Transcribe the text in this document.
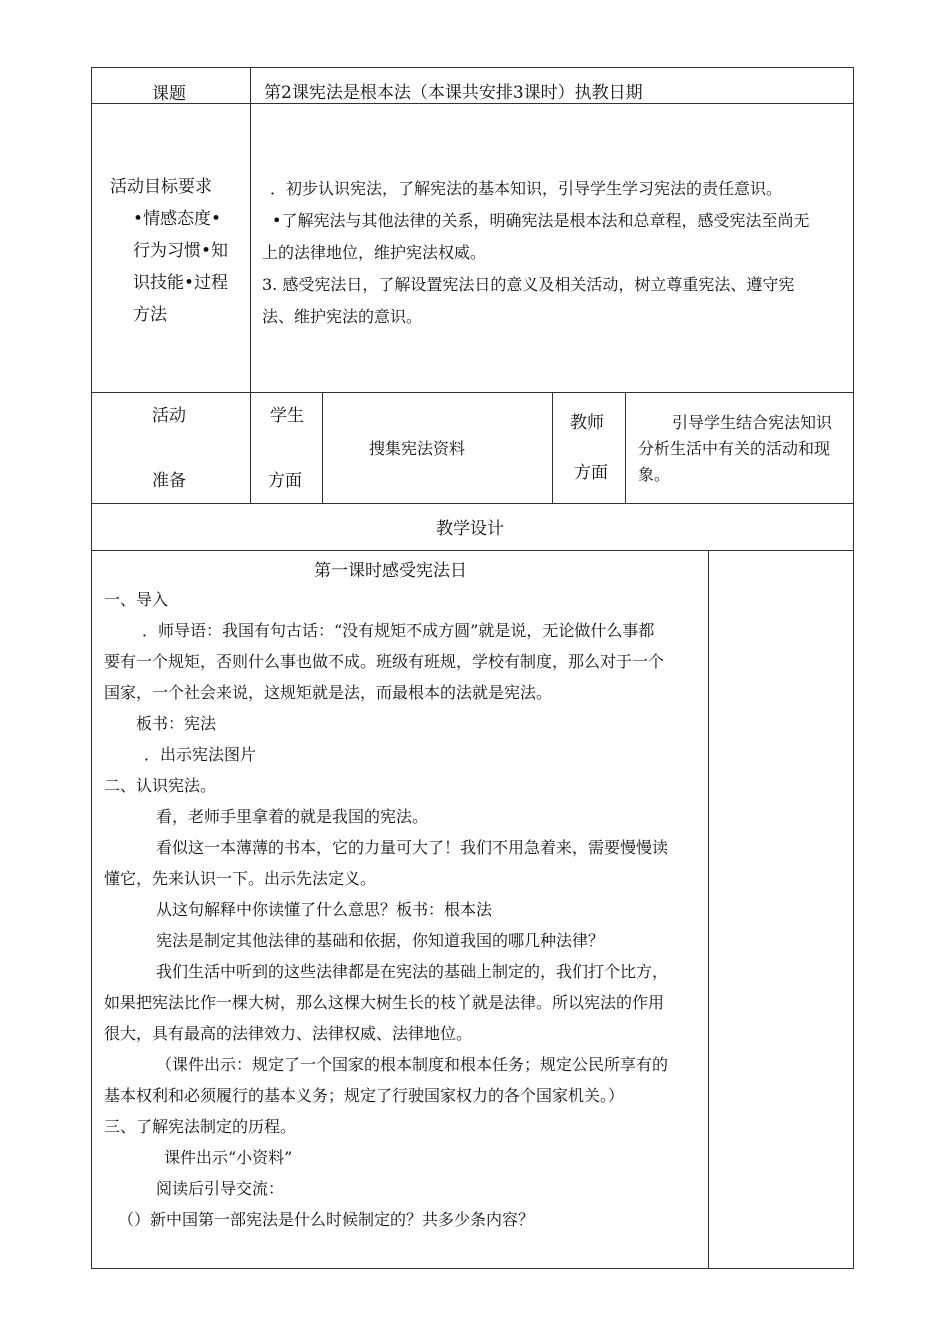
课题	第2课宪法是根本法（本课共安排3课时）执教日期
活动目标要求
•情感态度•
行为习惯•知
识技能•过程
方法

．初步认识宪法，了解宪法的基本知识，引导学生学习宪法的责任意识。

•了解宪法与其他法律的关系，明确宪法是根本法和总章程，感受宪法至尚无

上的法律地位，维护宪法权威。

3. 感受宪法日，了解设置宪法日的意义及相关活动，树立尊重宪法、遵守宪

法、维护宪法的意识。

活动
准备
学生
方面
搜集宪法资料
教师
方面

引导学生结合宪法知识

分析生活中有关的活动和现

象。

教学设计
第一课时感受宪法日

一、导入

．师导语：我国有句古话：“没有规矩不成方圆”就是说，无论做什么事都

要有一个规矩，否则什么事也做不成。班级有班规，学校有制度，那么对于一个

国家，一个社会来说，这规矩就是法，而最根本的法就是宪法。

板书：宪法

．出示宪法图片

二、认识宪法。

看，老师手里拿着的就是我国的宪法。

看似这一本薄薄的书本，它的力量可大了！我们不用急着来，需要慢慢读

懂它，先来认识一下。出示先法定义。

从这句解释中你读懂了什么意思？板书：根本法

宪法是制定其他法律的基础和依据，你知道我国的哪几种法律？

我们生活中听到的这些法律都是在宪法的基础上制定的，我们打个比方，

如果把宪法比作一棵大树，那么这棵大树生长的枝丫就是法律。所以宪法的作用

很大，具有最高的法律效力、法律权威、法律地位。

（课件出示：规定了一个国家的根本制度和根本任务；规定公民所享有的

基本权利和必须履行的基本义务；规定了行驶国家权力的各个国家机关。）

三、了解宪法制定的历程。

课件出示“小资料”

阅读后引导交流：

（）新中国第一部宪法是什么时候制定的？共多少条内容？
